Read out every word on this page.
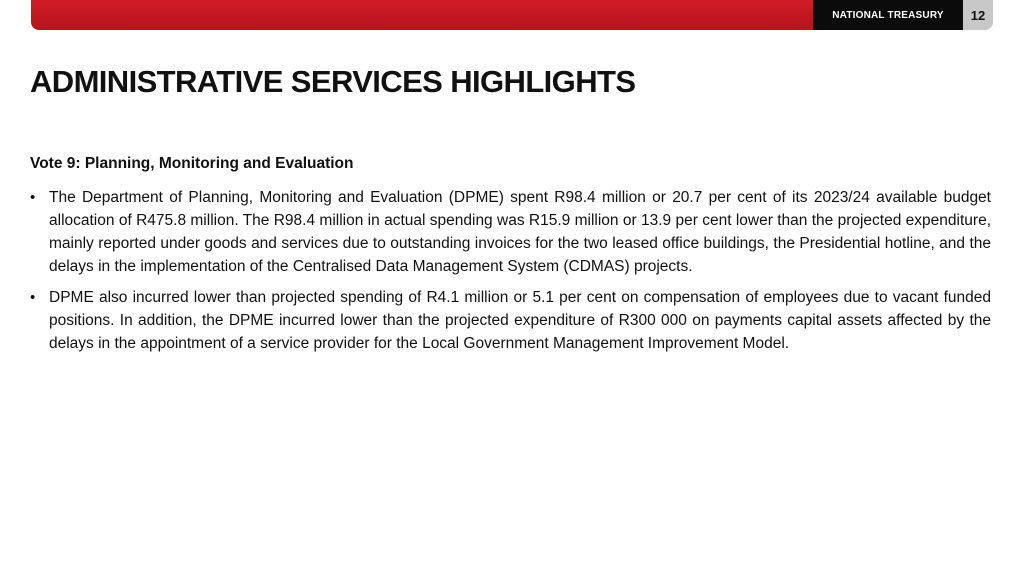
NATIONAL TREASURY 12
ADMINISTRATIVE SERVICES HIGHLIGHTS

Vote 9: Planning, Monitoring and Evaluation

• The Department of Planning, Monitoring and Evaluation (DPME) spent R98.4 million or 20.7 per cent of its 2023/24 available budget allocation of R475.8 million. The R98.4 million in actual spending was R15.9 million or 13.9 per cent lower than the projected expenditure, mainly reported under goods and services due to outstanding invoices for the two leased office buildings, the Presidential hotline, and the delays in the implementation of the Centralised Data Management System (CDMAS) projects.
• DPME also incurred lower than projected spending of R4.1 million or 5.1 per cent on compensation of employees due to vacant funded positions. In addition, the DPME incurred lower than the projected expenditure of R300 000 on payments capital assets affected by the delays in the appointment of a service provider for the Local Government Management Improvement Model.
